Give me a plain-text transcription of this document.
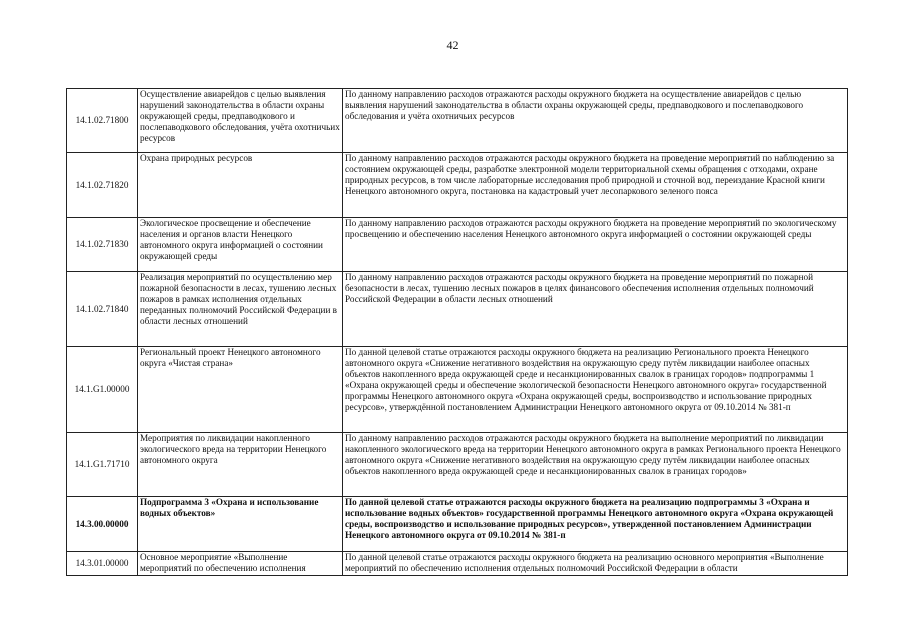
42
14.1.02.71800	Осуществление авиарейдов с целью выявления нарушений законодательства в области охраны окружающей среды, предпаводкового и послепаводкового обследования, учёта охотничьих ресурсов	По данному направлению расходов отражаются расходы окружного бюджета на осуществление авиарейдов с целью выявления нарушений законодательства в области охраны окружающей среды, предпаводкового и послепаводкового обследования и учёта охотничьих ресурсов
14.1.02.71820	Охрана природных ресурсов	По данному направлению расходов отражаются расходы окружного бюджета на проведение мероприятий по наблюдению за состоянием окружающей среды, разработке электронной модели территориальной схемы обращения с отходами, охране природных ресурсов, в том числе лабораторные исследования проб природной и сточной вод, переиздание Красной книги Ненецкого автономного округа, постановка на кадастровый учет лесопаркового зеленого пояса
14.1.02.71830	Экологическое просвещение и обеспечение населения и органов власти Ненецкого автономного округа информацией о состоянии окружающей среды	По данному направлению расходов отражаются расходы окружного бюджета на проведение мероприятий по экологическому просвещению и обеспечению населения Ненецкого автономного округа информацией о состоянии окружающей среды
14.1.02.71840	Реализация мероприятий по осуществлению мер пожарной безопасности в лесах, тушению лесных пожаров в рамках исполнения отдельных переданных полномочий Российской Федерации в области лесных отношений	По данному направлению расходов отражаются расходы окружного бюджета на проведение мероприятий по пожарной безопасности в лесах, тушению лесных пожаров в целях финансового обеспечения исполнения отдельных полномочий Российской Федерации в области лесных отношений
14.1.G1.00000	Региональный проект Ненецкого автономного округа «Чистая страна»	По данной целевой статье отражаются расходы окружного бюджета на реализацию Регионального проекта Ненецкого автономного округа «Снижение негативного воздействия на окружающую среду путём ликвидации наиболее опасных объектов накопленного вреда окружающей среде и несанкционированных свалок в границах городов» подпрограммы 1 «Охрана окружающей среды и обеспечение экологической безопасности Ненецкого автономного округа» государственной программы Ненецкого автономного округа «Охрана окружающей среды, воспроизводство и использование природных ресурсов», утверждённой постановлением Администрации Ненецкого автономного округа от 09.10.2014 № 381-п
14.1.G1.71710	Мероприятия по ликвидации накопленного экологического вреда на территории Ненецкого автономного округа	По данному направлению расходов отражаются расходы окружного бюджета на выполнение мероприятий по ликвидации накопленного экологического вреда на территории Ненецкого автономного округа в рамках Регионального проекта Ненецкого автономного округа «Снижение негативного воздействия на окружающую среду путём ликвидации наиболее опасных объектов накопленного вреда окружающей среде и несанкционированных свалок в границах городов»
14.3.00.00000	Подпрограмма 3 «Охрана и использование водных объектов»	По данной целевой статье отражаются расходы окружного бюджета на реализацию подпрограммы 3 «Охрана и использование водных объектов» государственной программы Ненецкого автономного округа «Охрана окружающей среды, воспроизводство и использование природных ресурсов», утвержденной постановлением Администрации Ненецкого автономного округа от 09.10.2014 № 381-п
14.3.01.00000	Основное мероприятие «Выполнение мероприятий по обеспечению исполнения	По данной целевой статье отражаются расходы окружного бюджета на реализацию основного мероприятия «Выполнение мероприятий по обеспечению исполнения отдельных полномочий Российской Федерации в области
